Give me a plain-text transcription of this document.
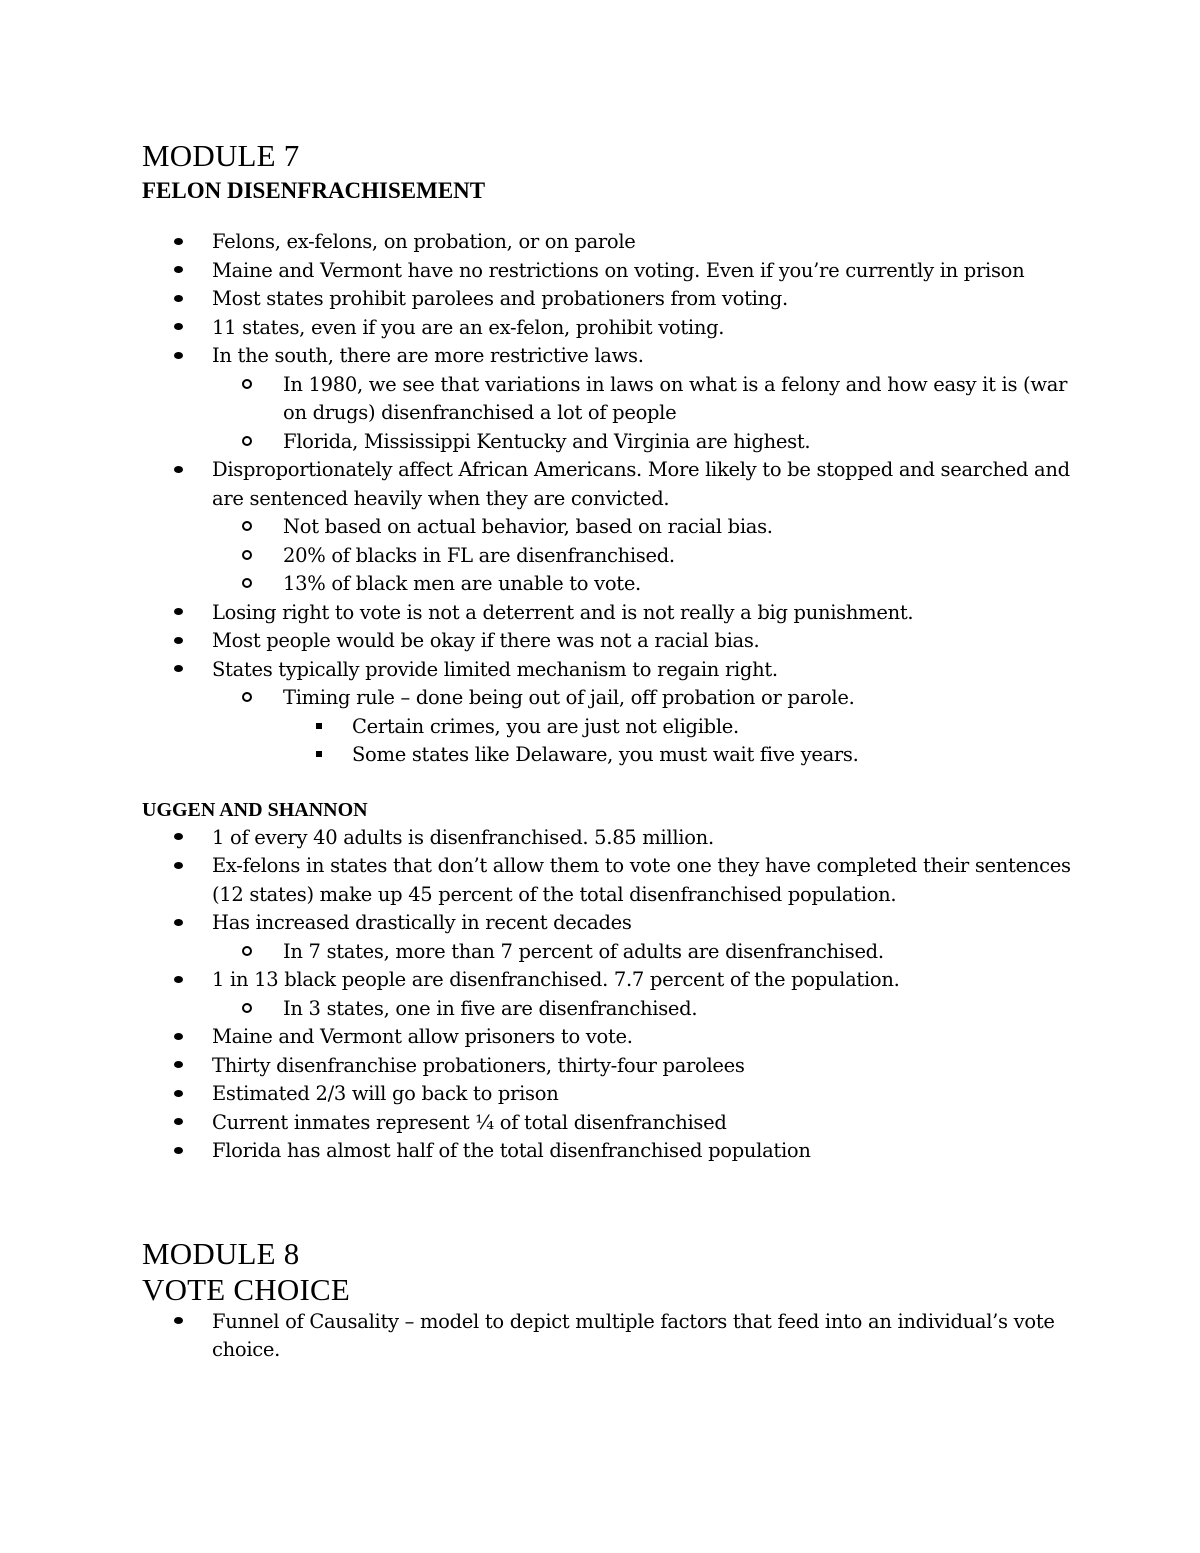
MODULE 7
FELON DISENFRACHISEMENT
Felons, ex-felons, on probation, or on parole
Maine and Vermont have no restrictions on voting. Even if you’re currently in prison
Most states prohibit parolees and probationers from voting.
11 states, even if you are an ex-felon, prohibit voting.
In the south, there are more restrictive laws.
In 1980, we see that variations in laws on what is a felony and how easy it is (war on drugs) disenfranchised a lot of people
Florida, Mississippi Kentucky and Virginia are highest.
Disproportionately affect African Americans. More likely to be stopped and searched and are sentenced heavily when they are convicted.
Not based on actual behavior, based on racial bias.
20% of blacks in FL are disenfranchised.
13% of black men are unable to vote.
Losing right to vote is not a deterrent and is not really a big punishment.
Most people would be okay if there was not a racial bias.
States typically provide limited mechanism to regain right.
Timing rule – done being out of jail, off probation or parole.
Certain crimes, you are just not eligible.
Some states like Delaware, you must wait five years.
UGGEN AND SHANNON
1 of every 40 adults is disenfranchised. 5.85 million.
Ex-felons in states that don’t allow them to vote one they have completed their sentences (12 states) make up 45 percent of the total disenfranchised population.
Has increased drastically in recent decades
In 7 states, more than 7 percent of adults are disenfranchised.
1 in 13 black people are disenfranchised. 7.7 percent of the population.
In 3 states, one in five are disenfranchised.
Maine and Vermont allow prisoners to vote.
Thirty disenfranchise probationers, thirty-four parolees
Estimated 2/3 will go back to prison
Current inmates represent ¼ of total disenfranchised
Florida has almost half of the total disenfranchised population
MODULE 8
VOTE CHOICE
Funnel of Causality – model to depict multiple factors that feed into an individual’s vote choice.
